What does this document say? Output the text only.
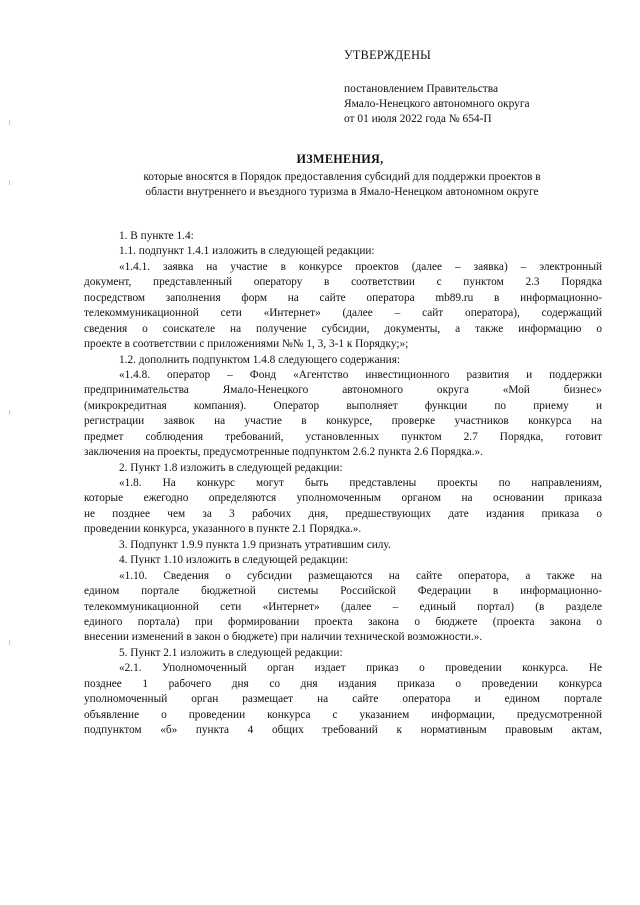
УТВЕРЖДЕНЫ
постановлением Правительства
Ямало-Ненецкого автономного округа
от 01 июля 2022 года № 654-П
ИЗМЕНЕНИЯ,
которые вносятся в Порядок предоставления субсидий для поддержки проектов в
области внутреннего и въездного туризма в Ямало-Ненецком автономном округе
1. В пункте 1.4:
1.1. подпункт 1.4.1 изложить в следующей редакции:
«1.4.1. заявка на участие в конкурсе проектов (далее – заявка) – электронный
документ, представленный оператору в соответствии с пунктом 2.3 Порядка
посредством заполнения форм на сайте оператора mb89.ru в информационно-
телекоммуникационной сети «Интернет» (далее – сайт оператора), содержащий
сведения о соискателе на получение субсидии, документы, а также информацию о
проекте в соответствии с приложениями №№ 1, 3, 3-1 к Порядку;»;
1.2. дополнить подпунктом 1.4.8 следующего содержания:
«1.4.8. оператор – Фонд «Агентство инвестиционного развития и поддержки
предпринимательства Ямало-Ненецкого автономного округа «Мой бизнес»
(микрокредитная компания). Оператор выполняет функции по приему и
регистрации заявок на участие в конкурсе, проверке участников конкурса на
предмет соблюдения требований, установленных пунктом 2.7 Порядка, готовит
заключения на проекты, предусмотренные подпунктом 2.6.2 пункта 2.6 Порядка.».
2. Пункт 1.8 изложить в следующей редакции:
«1.8. На конкурс могут быть представлены проекты по направлениям,
которые ежегодно определяются уполномоченным органом на основании приказа
не позднее чем за 3 рабочих дня, предшествующих дате издания приказа о
проведении конкурса, указанного в пункте 2.1 Порядка.».
3. Подпункт 1.9.9 пункта 1.9 признать утратившим силу.
4. Пункт 1.10 изложить в следующей редакции:
«1.10. Сведения о субсидии размещаются на сайте оператора, а также на
едином портале бюджетной системы Российской Федерации в информационно-
телекоммуникационной сети «Интернет» (далее – единый портал) (в разделе
единого портала) при формировании проекта закона о бюджете (проекта закона о
внесении изменений в закон о бюджете) при наличии технической возможности.».
5. Пункт 2.1 изложить в следующей редакции:
«2.1. Уполномоченный орган издает приказ о проведении конкурса. Не
позднее 1 рабочего дня со дня издания приказа о проведении конкурса
уполномоченный орган размещает на сайте оператора и едином портале
объявление о проведении конкурса с указанием информации, предусмотренной
подпунктом «б» пункта 4 общих требований к нормативным правовым актам,
